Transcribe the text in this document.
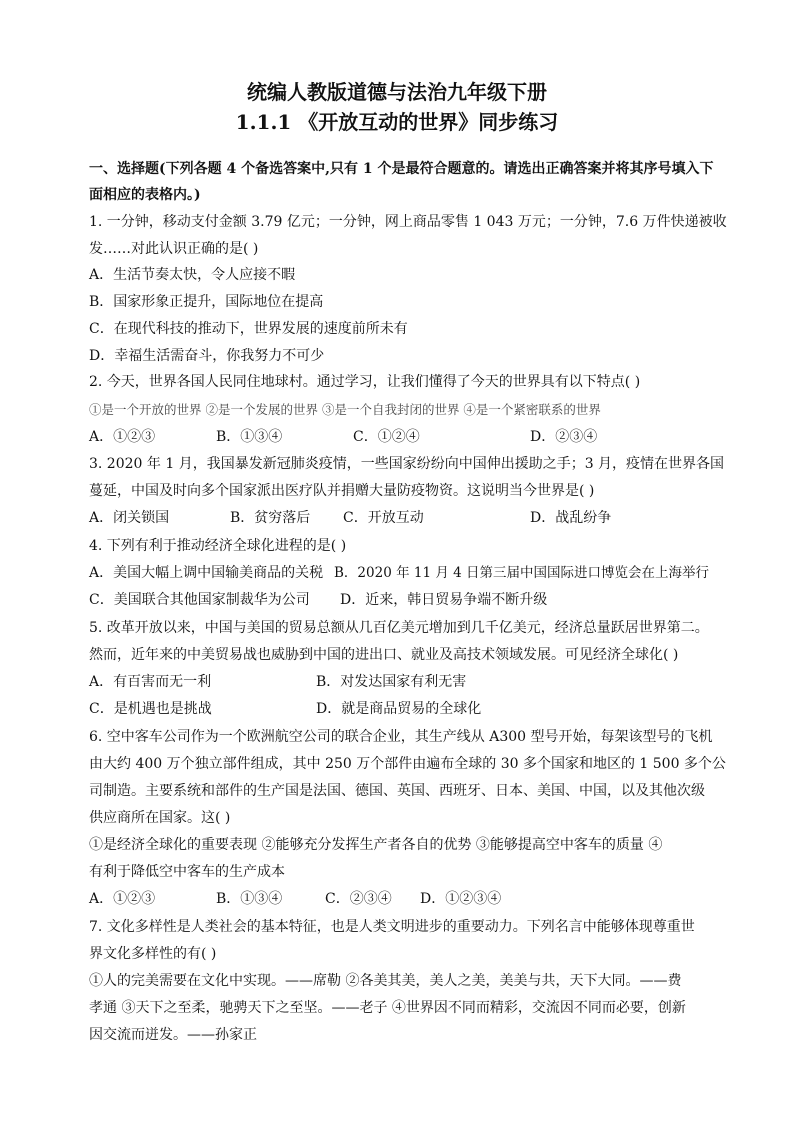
统编人教版道德与法治九年级下册
1.1.1 《开放互动的世界》同步练习
一、选择题(下列各题 4 个备选答案中,只有 1 个是最符合题意的。请选出正确答案并将其序号填入下
面相应的表格内。)
1. 一分钟，移动支付金额 3.79 亿元；一分钟，网上商品零售 1 043 万元；一分钟，7.6 万件快递被收
发……对此认识正确的是( )
A．生活节奏太快，令人应接不暇
B．国家形象正提升，国际地位在提高
C．在现代科技的推动下，世界发展的速度前所未有
D．幸福生活需奋斗，你我努力不可少
2. 今天，世界各国人民同住地球村。通过学习，让我们懂得了今天的世界具有以下特点( )
①是一个开放的世界 ②是一个发展的世界 ③是一个自我封闭的世界 ④是一个紧密联系的世界
A．①②③	B．①③④	C．①②④	D．②③④
3. 2020 年 1 月，我国暴发新冠肺炎疫情，一些国家纷纷向中国伸出援助之手；3 月，疫情在世界各国
蔓延，中国及时向多个国家派出医疗队并捐赠大量防疫物资。这说明当今世界是( )
A．闭关锁国	B．贫穷落后	C．开放互动	D．战乱纷争
4. 下列有利于推动经济全球化进程的是( )
A．美国大幅上调中国输美商品的关税 B．2020 年 11 月 4 日第三届中国国际进口博览会在上海举行
C．美国联合其他国家制裁华为公司	D．近来，韩日贸易争端不断升级
5. 改革开放以来，中国与美国的贸易总额从几百亿美元增加到几千亿美元，经济总量跃居世界第二。
然而，近年来的中美贸易战也威胁到中国的进出口、就业及高技术领域发展。可见经济全球化( )
A．有百害而无一利	B．对发达国家有利无害
C．是机遇也是挑战	D．就是商品贸易的全球化
6. 空中客车公司作为一个欧洲航空公司的联合企业，其生产线从 A300 型号开始，每架该型号的飞机
由大约 400 万个独立部件组成，其中 250 万个部件由遍布全球的 30 多个国家和地区的 1 500 多个公
司制造。主要系统和部件的生产国是法国、德国、英国、西班牙、日本、美国、中国，以及其他次级
供应商所在国家。这( )
①是经济全球化的重要表现 ②能够充分发挥生产者各自的优势 ③能够提高空中客车的质量 ④
有利于降低空中客车的生产成本
A．①②③	B．①③④	C．②③④	D．①②③④
7. 文化多样性是人类社会的基本特征，也是人类文明进步的重要动力。下列名言中能够体现尊重世
界文化多样性的有( )
①人的完美需要在文化中实现。——席勒 ②各美其美，美人之美，美美与共，天下大同。——费
孝通 ③天下之至柔，驰骋天下之至坚。——老子 ④世界因不同而精彩，交流因不同而必要，创新
因交流而迸发。——孙家正
